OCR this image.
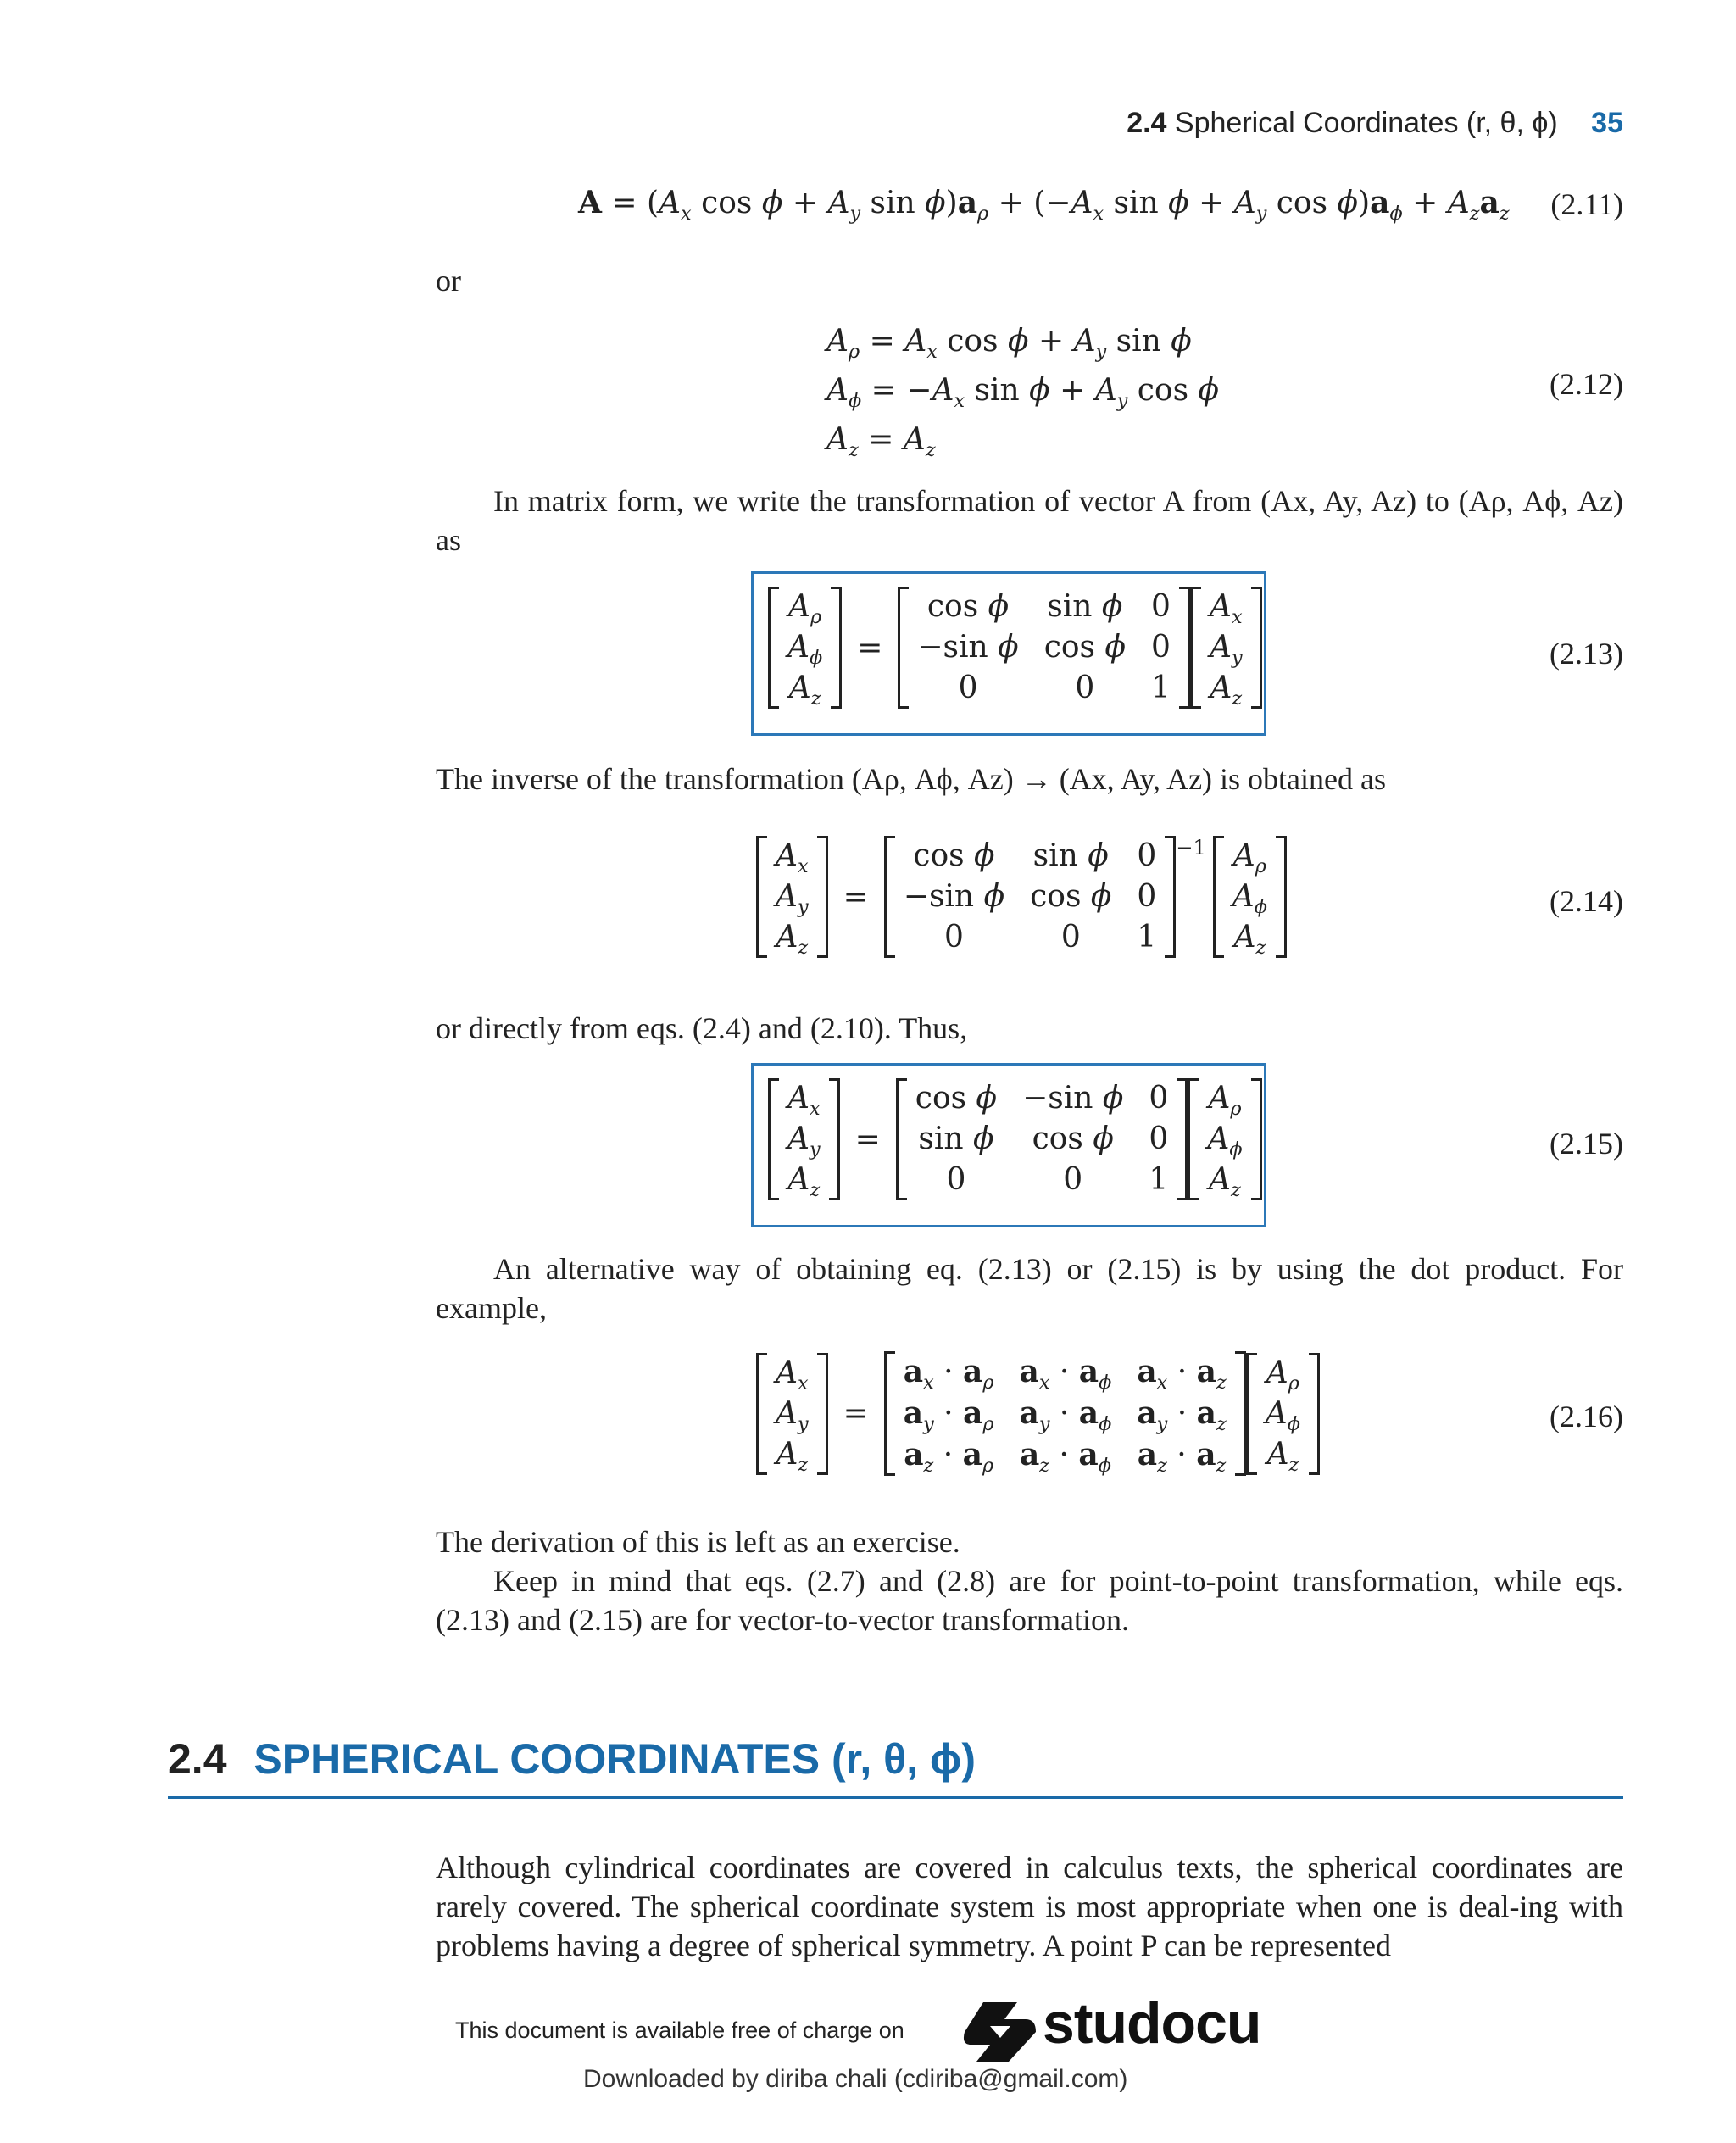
2.4 Spherical Coordinates (r, θ, ϕ) 35
$A = (A_x$ $\cos \phi + A_y$ $\sin \phi)a_\rho + (-A_x$ $\sin \phi + A_y$ $\cos \phi)a_\phi + A_za_z$ (2.11)
or
$A_\rho = A_x$ $\cos \phi + A_y$ sin ϕ
$A_\phi = -A_x$ $\sin \phi + A_y$ cos ϕ
$A_z = A_z$
(2.12)
In matrix form, we write the transformation of vector A from (Ax, Ay, Az) to (Aρ, Aϕ, Az) as
$A_\rho$
$A_\phi$
$A_z$
=
cos ϕ	sin ϕ 0
−sin ϕ cos ϕ 0
0	0	1
$A_x$
$A_y$
$A_z$
(2.13)
The inverse of the transformation (Aρ, Aϕ, Az) → (Ax, Ay, Az) is obtained as
$A_x$
$A_y$
$A_z$
=
cos ϕ	sin ϕ 0
−sin ϕ cos ϕ 0
0	0	1
−1 $A_\rho$
$A_\phi$
$A_z$
(2.14)
or directly from eqs. (2.4) and (2.10). Thus,
$A_x$
$A_y$
$A_z$
=
cos ϕ −sin ϕ 0
sin ϕ	cos ϕ	0
0	0	1
$A_\rho$
$A_\phi$
$A_z$
(2.15)
An alternative way of obtaining eq. (2.13) or (2.15) is by using the dot product. For example,
$A_x$
$A_y$
$A_z$
=
$a_x \cdot a_\rho$ $a_x \cdot a_\phi$ $a_x \cdot a_z$
$a_y \cdot a_\rho$ $a_y \cdot a_\phi$ $a_y \cdot a_z$
$a_z \cdot a_\rho$ $a_z \cdot a_\phi$ $a_z \cdot a_z$
$A_\rho$
$A_\phi$
$A_z$
(2.16)
The derivation of this is left as an exercise.
Keep in mind that eqs. (2.7) and (2.8) are for point-to-point transformation, while eqs. (2.13) and (2.15) are for vector-to-vector transformation.
2.4 SPHERICAL COORDINATES (r, θ, ϕ)
Although cylindrical coordinates are covered in calculus texts, the spherical coordinates are rarely covered. The spherical coordinate system is most appropriate when one is deal-ing with problems having a degree of spherical symmetry. A point P can be represented
This document is available free of charge on studocu
Downloaded by diriba chali (cdiriba@gmail.com)
